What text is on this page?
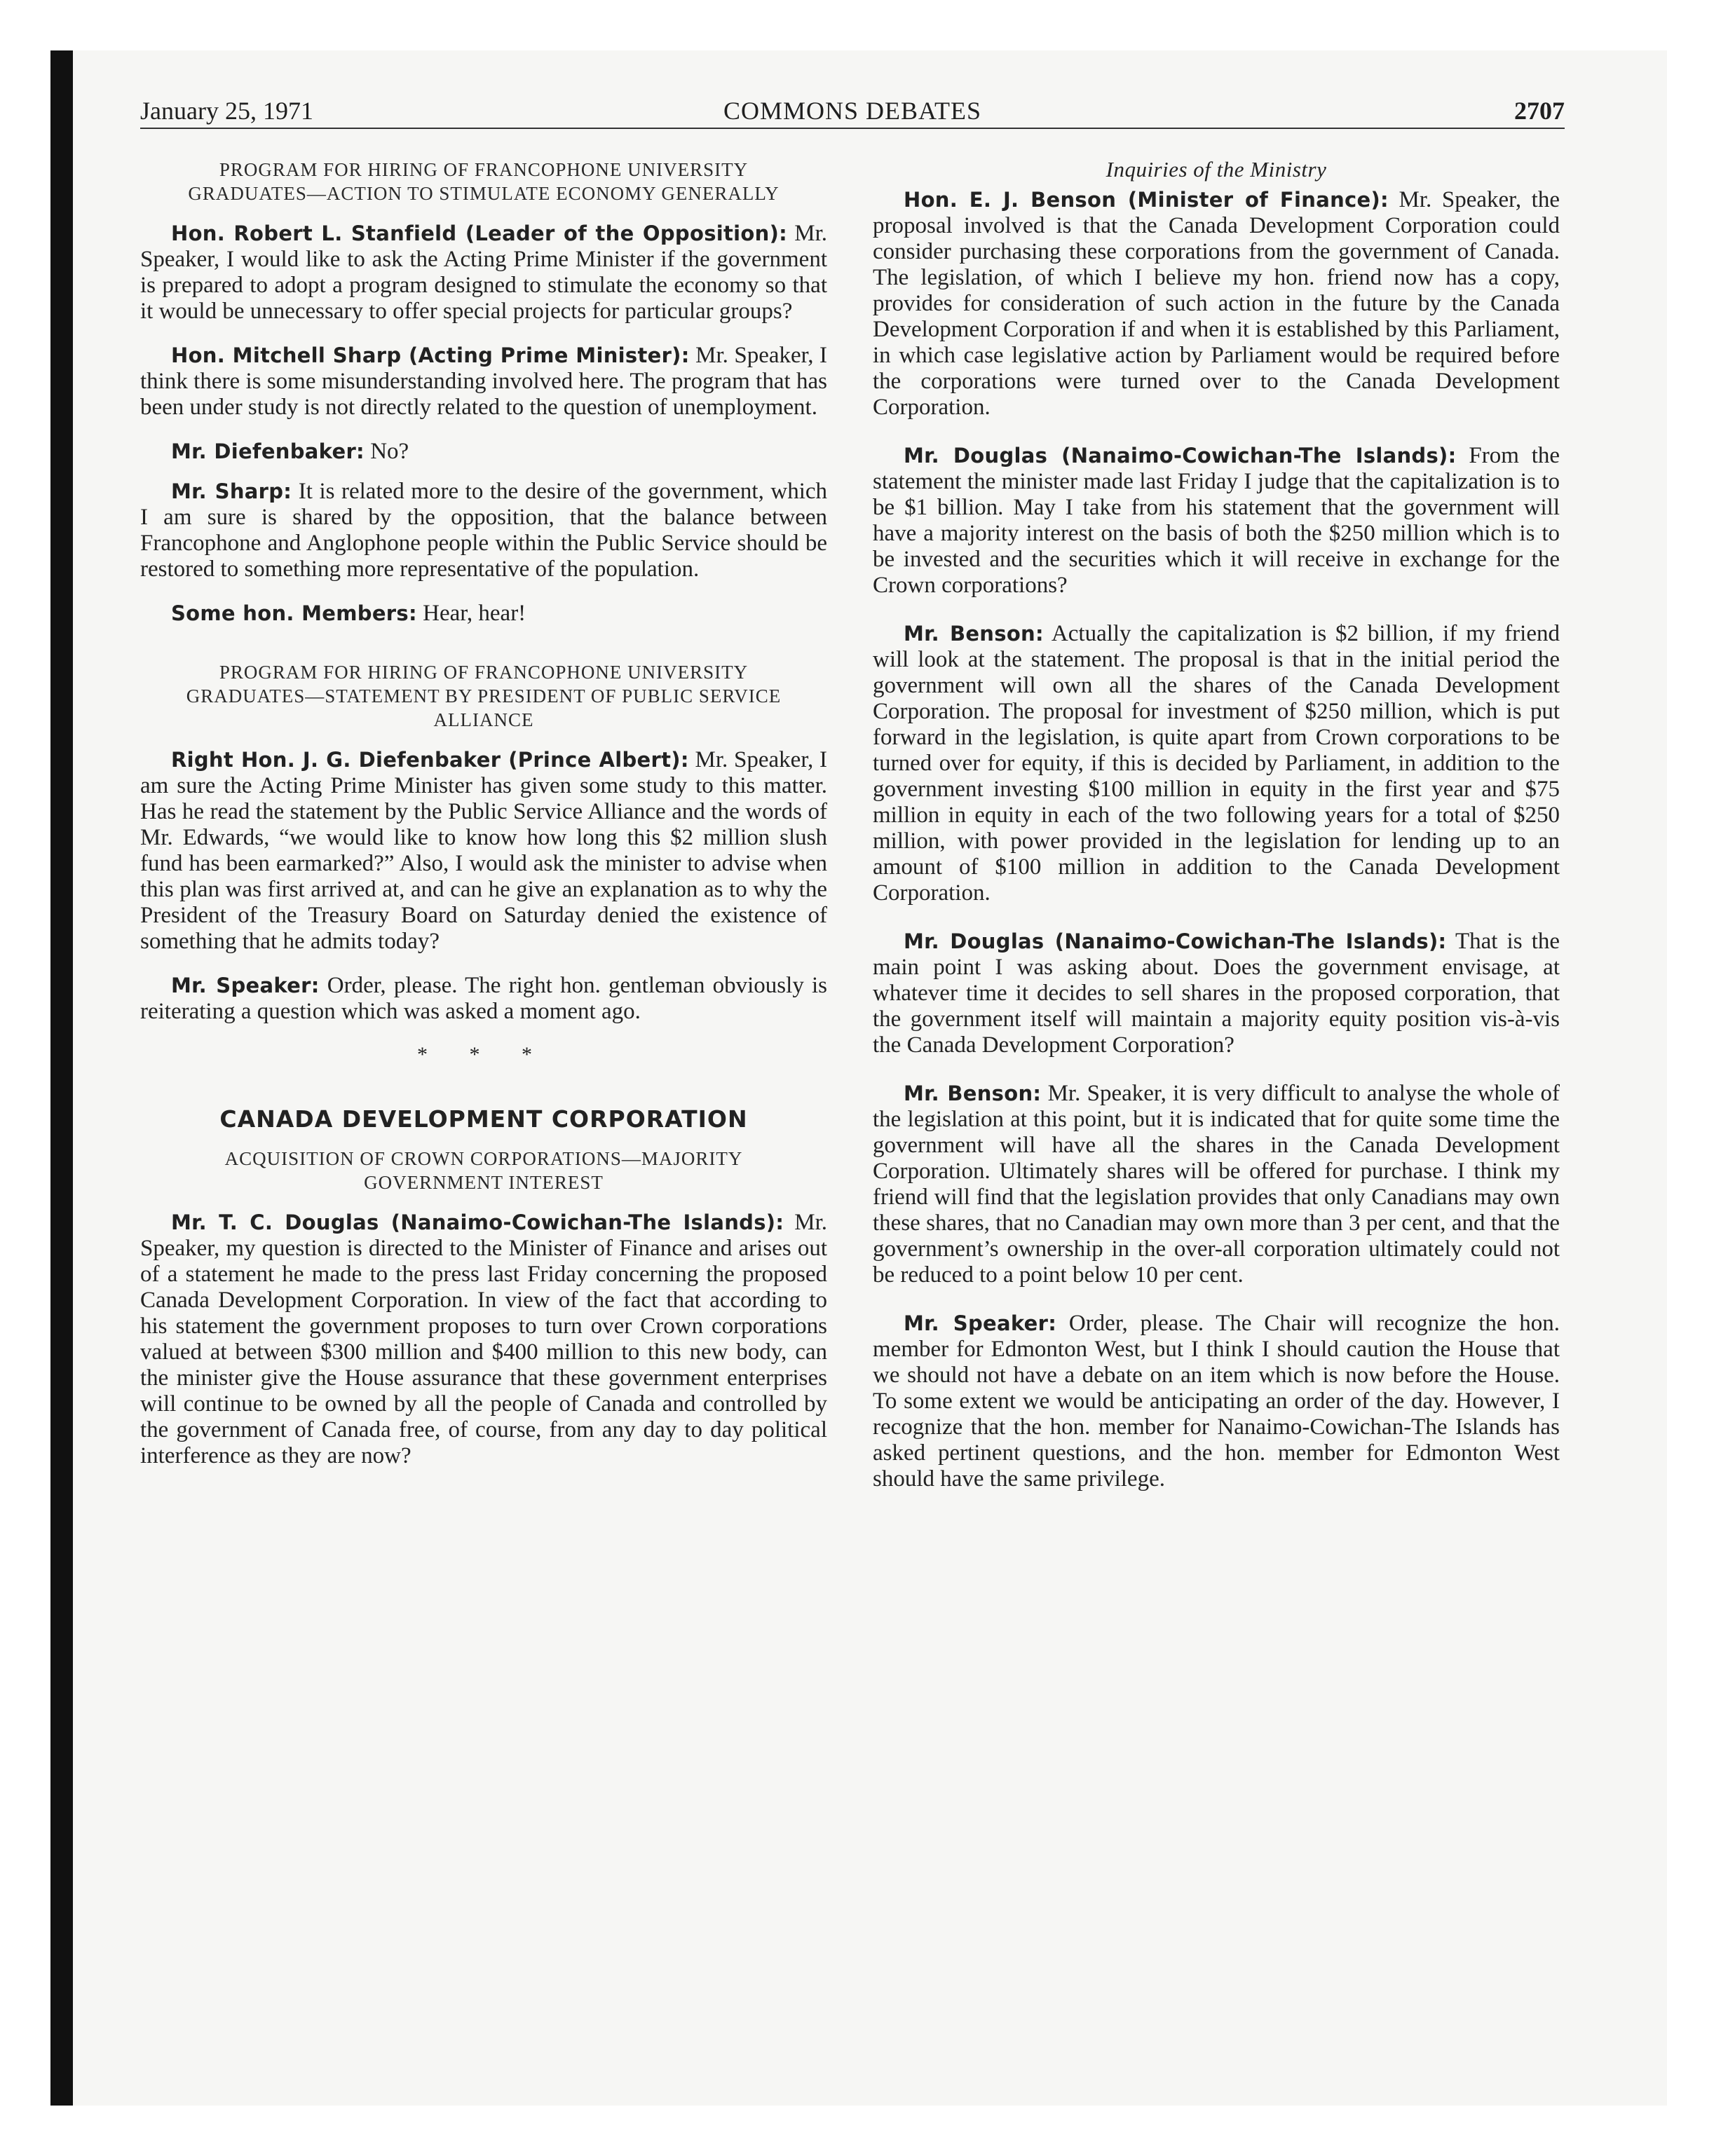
January 25, 1971	COMMONS DEBATES	2707
PROGRAM FOR HIRING OF FRANCOPHONE UNIVERSITY GRADUATES—ACTION TO STIMULATE ECONOMY GENERALLY

Hon. Robert L. Stanfield (Leader of the Opposition): Mr. Speaker, I would like to ask the Acting Prime Minister if the government is prepared to adopt a program designed to stimulate the economy so that it would be unnecessary to offer special projects for particular groups?

Hon. Mitchell Sharp (Acting Prime Minister): Mr. Speaker, I think there is some misunderstanding involved here. The program that has been under study is not directly related to the question of unemployment.

Mr. Diefenbaker: No?

Mr. Sharp: It is related more to the desire of the government, which I am sure is shared by the opposition, that the balance between Francophone and Anglophone people within the Public Service should be restored to something more representative of the population.

Some hon. Members: Hear, hear!

PROGRAM FOR HIRING OF FRANCOPHONE UNIVERSITY GRADUATES—STATEMENT BY PRESIDENT OF PUBLIC SERVICE ALLIANCE

Right Hon. J. G. Diefenbaker (Prince Albert): Mr. Speaker, I am sure the Acting Prime Minister has given some study to this matter. Has he read the statement by the Public Service Alliance and the words of Mr. Edwards, “we would like to know how long this $2 million slush fund has been earmarked?” Also, I would ask the minister to advise when this plan was first arrived at, and can he give an explanation as to why the President of the Treasury Board on Saturday denied the existence of something that he admits today?

Mr. Speaker: Order, please. The right hon. gentleman obviously is reiterating a question which was asked a moment ago.

* * *
CANADA DEVELOPMENT CORPORATION
ACQUISITION OF CROWN CORPORATIONS—MAJORITY GOVERNMENT INTEREST

Mr. T. C. Douglas (Nanaimo-Cowichan-The Islands): Mr. Speaker, my question is directed to the Minister of Finance and arises out of a statement he made to the press last Friday concerning the proposed Canada Development Corporation. In view of the fact that according to his statement the government proposes to turn over Crown corporations valued at between $300 million and $400 million to this new body, can the minister give the House assurance that these government enterprises will continue to be owned by all the people of Canada and controlled by the government of Canada free, of course, from any day to day political interference as they are now?

Inquiries of the Ministry

Hon. E. J. Benson (Minister of Finance): Mr. Speaker, the proposal involved is that the Canada Development Corporation could consider purchasing these corporations from the government of Canada. The legislation, of which I believe my hon. friend now has a copy, provides for consideration of such action in the future by the Canada Development Corporation if and when it is established by this Parliament, in which case legislative action by Parliament would be required before the corporations were turned over to the Canada Development Corporation.

Mr. Douglas (Nanaimo-Cowichan-The Islands): From the statement the minister made last Friday I judge that the capitalization is to be $1 billion. May I take from his statement that the government will have a majority interest on the basis of both the $250 million which is to be invested and the securities which it will receive in exchange for the Crown corporations?

Mr. Benson: Actually the capitalization is $2 billion, if my friend will look at the statement. The proposal is that in the initial period the government will own all the shares of the Canada Development Corporation. The proposal for investment of $250 million, which is put forward in the legislation, is quite apart from Crown corporations to be turned over for equity, if this is decided by Parliament, in addition to the government investing $100 million in equity in the first year and $75 million in equity in each of the two following years for a total of $250 million, with power provided in the legislation for lending up to an amount of $100 million in addition to the Canada Development Corporation.

Mr. Douglas (Nanaimo-Cowichan-The Islands): That is the main point I was asking about. Does the government envisage, at whatever time it decides to sell shares in the proposed corporation, that the government itself will maintain a majority equity position vis-à-vis the Canada Development Corporation?

Mr. Benson: Mr. Speaker, it is very difficult to analyse the whole of the legislation at this point, but it is indicated that for quite some time the government will have all the shares in the Canada Development Corporation. Ultimately shares will be offered for purchase. I think my friend will find that the legislation provides that only Canadians may own these shares, that no Canadian may own more than 3 per cent, and that the government’s ownership in the over-all corporation ultimately could not be reduced to a point below 10 per cent.

Mr. Speaker: Order, please. The Chair will recognize the hon. member for Edmonton West, but I think I should caution the House that we should not have a debate on an item which is now before the House. To some extent we would be anticipating an order of the day. However, I recognize that the hon. member for Nanaimo-Cowichan-The Islands has asked pertinent questions, and the hon. member for Edmonton West should have the same privilege.
